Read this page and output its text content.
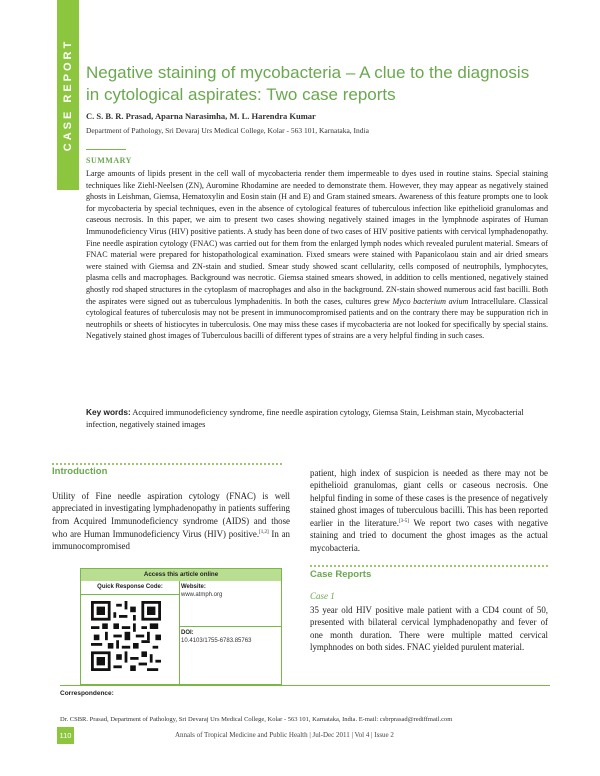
CASE REPORT Negative staining of mycobacteria – A clue to the diagnosis in cytological aspirates: Two case reports
C. S. B. R. Prasad, Aparna Narasimha, M. L. Harendra Kumar
Department of Pathology, Sri Devaraj Urs Medical College, Kolar - 563 101, Karnataka, India
SUMMARY
Large amounts of lipids present in the cell wall of mycobacteria render them impermeable to dyes used in routine stains. Special staining techniques like Ziehl-Neelsen (ZN), Auromine Rhodamine are needed to demonstrate them. However, they may appear as negatively stained ghosts in Leishman, Giemsa, Hematoxylin and Eosin stain (H and E) and Gram stained smears. Awareness of this feature prompts one to look for mycobacteria by special techniques, even in the absence of cytological features of tuberculous infection like epithelioid granulomas and caseous necrosis. In this paper, we aim to present two cases showing negatively stained images in the lymphnode aspirates of Human Immunodeficiency Virus (HIV) positive patients. A study has been done of two cases of HIV positive patients with cervical lymphadenopathy. Fine needle aspiration cytology (FNAC) was carried out for them from the enlarged lymph nodes which revealed purulent material. Smears of FNAC material were prepared for histopathological examination. Fixed smears were stained with Papanicolaou stain and air dried smears were stained with Giemsa and ZN-stain and studied. Smear study showed scant cellularity, cells composed of neutrophils, lymphocytes, plasma cells and macrophages. Background was necrotic. Giemsa stained smears showed, in addition to cells mentioned, negatively stained ghostly rod shaped structures in the cytoplasm of macrophages and also in the background. ZN-stain showed numerous acid fast bacilli. Both the aspirates were signed out as tuberculous lymphadenitis. In both the cases, cultures grew Myco bacterium avium Intracellulare. Classical cytological features of tuberculosis may not be present in immunocompromised patients and on the contrary there may be suppuration rich in neutrophils or sheets of histiocytes in tuberculosis. One may miss these cases if mycobacteria are not looked for specifically by special stains. Negatively stained ghost images of Tuberculous bacilli of different types of strains are a very helpful finding in such cases.
Key words: Acquired immunodeficiency syndrome, fine needle aspiration cytology, Giemsa Stain, Leishman stain, Mycobacterial infection, negatively stained images
Introduction
Utility of Fine needle aspiration cytology (FNAC) is well appreciated in investigating lymphadenopathy in patients suffering from Acquired Immunodeficiency syndrome (AIDS) and those who are Human Immunodeficiency Virus (HIV) positive.[1,2] In an immunocompromised
patient, high index of suspicion is needed as there may not be epithelioid granulomas, giant cells or caseous necrosis. One helpful finding in some of these cases is the presence of negatively stained ghost images of tuberculous bacilli. This has been reported earlier in the literature.[3-5] We report two cases with negative staining and tried to document the ghost images as the actual mycobacteria.
Case Reports
Case 1
35 year old HIV positive male patient with a CD4 count of 50, presented with bilateral cervical lymphadenopathy and fever of one month duration. There were multiple matted cervical lymphnodes on both sides. FNAC yielded purulent material.
Access this article online
Quick Response Code:	Website:
www.atmph.org
DOI:
10.4103/1755-6783.85763
Correspondence:
Dr. CSBR. Prasad, Department of Pathology, Sri Devaraj Urs Medical College, Kolar - 563 101, Karnataka, India. E-mail: csbrprasad@rediffmail.com
110	Annals of Tropical Medicine and Public Health | Jul-Dec 2011 | Vol 4 | Issue 2
